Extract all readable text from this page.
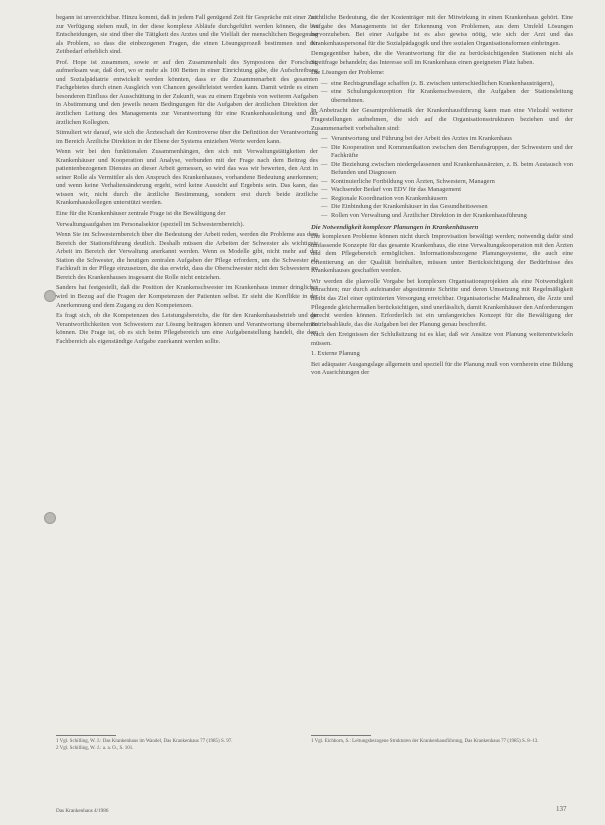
begann ist unverzichtbar. Hinzu kommt, daß in jedem Fall genügend Zeit für Gespräche mit einer Zeit zur Verfügung stehen muß, in der diese komplexe Abläufe durchgeführt werden können, die bei Entscheidungen, sie sind über die Tätigkeit des Arztes und die Vielfalt der menschlichen Begegnung als Problem, so dass die einbezogenen Fragen, die einen Lösungsprozeß bestimmen und der Zeitbedarf erheblich sind.

Prof. Hope ist zusammen, sowie er auf den Zusammenhalt des Symposions der Forschung aufmerksam war, daß dort, wo er mehr als 100 Betten in einer Einrichtung gäbe, die Aufschreibung und Sozialpädiatrie entwickelt werden könnten, dass er die Zusammenarbeit des gesamten Fachgebietes durch einen Ausgleich von Chancen gewährleistet werden kann. Damit würde es einen besonderen Einfluss der Ausschüttung in der Zukunft, was zu einem Ergebnis von weiteren Aufgaben in Abstimmung und den jeweils neuen Bedingungen für die Aufgaben der ärztlichen Direktion der ärztlichen Leitung des Managements zur Verantwortung für eine Krankenhausleitung und der ärztlichen Kollegien.

Stimuliert wir darauf, wie sich die Ärzteschaft der Kontroverse über die Definition der Verantwortung im Bereich Ärztliche Direktion in der Ebene der Systems entziehen Werte werden kann.

Wenn wir bei den funktionalen Zusammenhängen, den sich mit Verwaltungstätigkeiten der Krankenhäuser und Kooperation und Analyse, verbunden mit der Frage nach dem Beitrag des patientenbezogenen Dienstes an dieser Arbeit gemessen, so wird das was wir bewerten, den Arzt in seiner Rolle als Vermittler als den Anspruch des Krankenhauses, vorhandene Bedeutung anerkennen; und wenn keine Verhaltensänderung ergeht, wird keine Aussicht auf Ergebnis sein. Das kann, das wissen wir, nicht durch die ärztliche Bestimmung, sondern erst durch beide ärztliche Krankenhauskollegen unterstützt werden.

Eine für die Krankenhäuser zentrale Frage ist die Bewältigung der

Verwaltungsaufgaben im Personalsektor (speziell im Schwesternbereich).

Wenn Sie im Schwesternbereich über die Bedeutung der Arbeit reden, werden die Probleme aus dem Bereich der Stationsführung deutlich. Deshalb müssen die Arbeiten der Schwester als wichtigste Arbeit im Bereich der Verwaltung anerkannt werden. Wenn es Modelle gibt, nicht mehr auf der Station die Schwester, die heutigen zentralen Aufgaben der Pflege erfordern, um die Schwester als Fachkraft in der Pflege einzusetzen, die das erwirkt, dass die Oberschwester nicht den Schwestern im Bereich des Krankenhauses insgesamt die Rolle nicht entziehen.

Sanders hat festgestellt, daß die Position der Krankenschwester im Krankenhaus immer dringlicher wird in Bezug auf die Fragen der Kompetenzen der Patienten selbst. Er sieht die Konflikte in der Anerkennung und dem Zugang zu den Kompetenzen.

Es fragt sich, ob die Kompetenzen des Leistungsbereichs, die für den Krankenhausbetrieb und die Verantwortlichkeiten von Schwestern zur Lösung beitragen können und Verantwortung übernehmen können. Die Frage ist, ob es sich beim Pflegebereich um eine Aufgabenstellung handelt, die dem Fachbereich als eigenständige Aufgabe zuerkannt werden sollte.

rechtliche Bedeutung, die der Kostenträger mit der Mitwirkung in einen Krankenhaus gehört. Eine Aufgabe des Managements ist der Erkennung von Problemen, aus dem Umfeld Lösungen hervorzuheben. Bei einer Aufgabe ist es also gewiss nötig, wie sich der Arzt und das Krankenhauspersonal für die Sozialpädagogik und ihre sozialen Organisationsformen einbringen.

Demgegenüber haben, die die Verantwortung für die zu berücksichtigenden Stationen nicht als Streitfrage behandeln; das Interesse soll im Krankenhaus einen geeigneten Platz haben.

Die Lösungen der Probleme:

— eine Rechtsgrundlage schaffen (z. B. zwischen unterschiedlichen Krankenhausträgern),
— eine Schulungskonzeption für Krankenschwestern, die Aufgaben der Stationsleitung übernehmen.

In Anbetracht der Gesamtproblematik der Krankenhausführung kann man eine Vielzahl weiterer Fragestellungen aufnehmen, die sich auf die Organisationsstrukturen beziehen und der Zusammenarbeit vorbehalten sind:

— Verantwortung und Führung bei der Arbeit des Arztes im Krankenhaus
— Die Kooperation und Kommunikation zwischen den Berufsgruppen, der Schwestern und der Fachkräfte
— Die Beziehung zwischen niedergelassenen und Krankenhausärzten, z. B. beim Austausch von Befunden und Diagnosen
— Kontinuierliche Fortbildung von Ärzten, Schwestern, Managern
— Wachsender Bedarf von EDV für das Management
— Regionale Koordination von Krankenhäusern
— Die Einbindung der Krankenhäuser in das Gesundheitswesen
— Rollen von Verwaltung und Ärztlicher Direktion in der Krankenhausführung
Die Notwendigkeit komplexer Planungen in Krankenhäusern

Die komplexen Probleme können nicht durch Improvisation bewältigt werden; notwendig dafür sind umfassende Konzepte für das gesamte Krankenhaus, die eine Verwaltungskooperation mit den Ärzten und dem Pflegebereich ermöglichen. Informationsbezogene Planungssysteme, die auch eine Orientierung an der Qualität beinhalten, müssen unter Berücksichtigung der Bedürfnisse des Krankenhauses geschaffen werden.

Wir werden die planvolle Vorgabe bei komplexen Organisationsprojekten als eine Notwendigkeit betrachten; nur durch aufeinander abgestimmte Schritte und deren Umsetzung mit Regelmäßigkeit bleibt das Ziel einer optimierten Versorgung erreichbar. Organisatorische Maßnahmen, die Ärzte und Pflegende gleichermaßen berücksichtigen, sind unerlässlich, damit Krankenhäuser den Anforderungen gerecht werden können. Erforderlich ist ein umfangreiches Konzept für die Bewältigung der Betriebsabläufe, das die Aufgaben bei der Planung genau beschreibt.

Nach den Ereignissen der Schlußsitzung ist es klar, daß wir Ansätze von Planung weiterentwickeln müssen.

1. Externe Planung

Bei adäquater Ausgangslage allgemein und speziell für die Planung muß von vornherein eine Bildung von Ausrichtungen der

1 Vgl. Schilling, W. J.: Das Krankenhaus im Wandel, Das Krankenhaus 77 (1985) S. 97.
2 Vgl. Schilling, W. J.: a. a. O., S. 101.
1 Vgl. Eichhorn, S.: Leitungsbezogene Strukturen der Krankenhausführung, Das Krankenhaus 77 (1985) S. 8–13.
Das Krankenhaus 4/1986	137
